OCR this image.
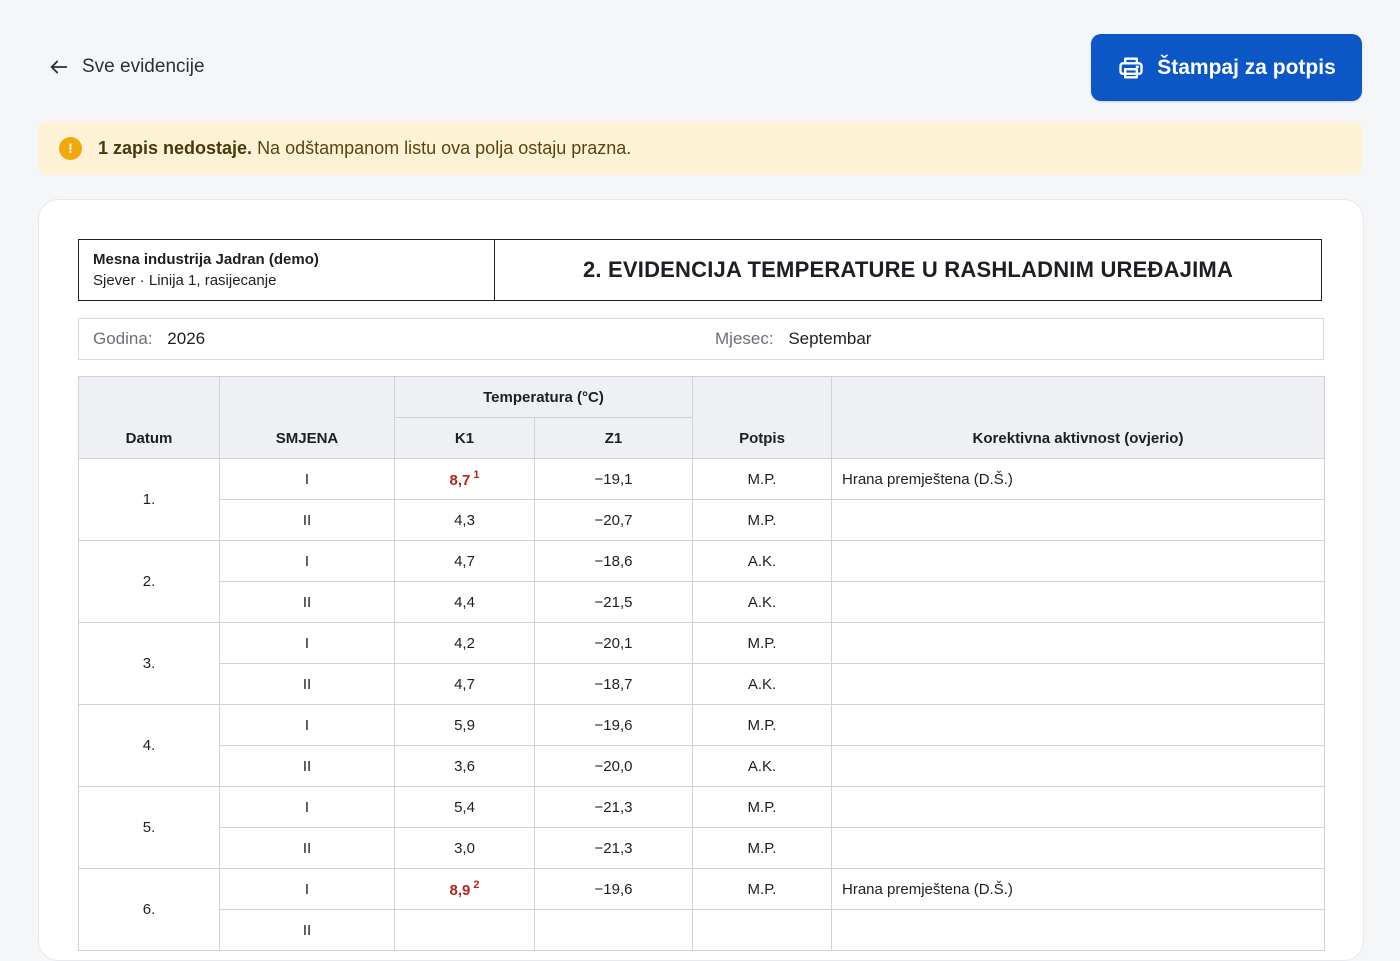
Sve evidencije	Štampaj za potpis
!	1 zapis nedostaje. Na odštampanom listu ova polja ostaju prazna.
Mesna industrija Jadran (demo)
Sjever · Linija 1, rasijecanje	2. EVIDENCIJA TEMPERATURE U RASHLADNIM UREĐAJIMA
Godina: 2026	Mjesec: Septembar
Datum	SMJENA	Temperatura (°C)		Potpis	Korektivna aktivnost (ovjerio)
		K1	Z1		
1.	I	8,7 $^1$	−19,1	M.P.	Hrana premještena (D.Š.)
	II	4,3	−20,7	M.P.	
2.	I	4,7	−18,6	A.K.	
	II	4,4	−21,5	A.K.	
3.	I	4,2	−20,1	M.P.	
	II	4,7	−18,7	A.K.	
4.	I	5,9	−19,6	M.P.	
	II	3,6	−20,0	A.K.	
5.	I	5,4	−21,3	M.P.	
	II	3,0	−21,3	M.P.	
6.	I	8,9 $^2$	−19,6	M.P.	Hrana premještena (D.Š.)
	II				
